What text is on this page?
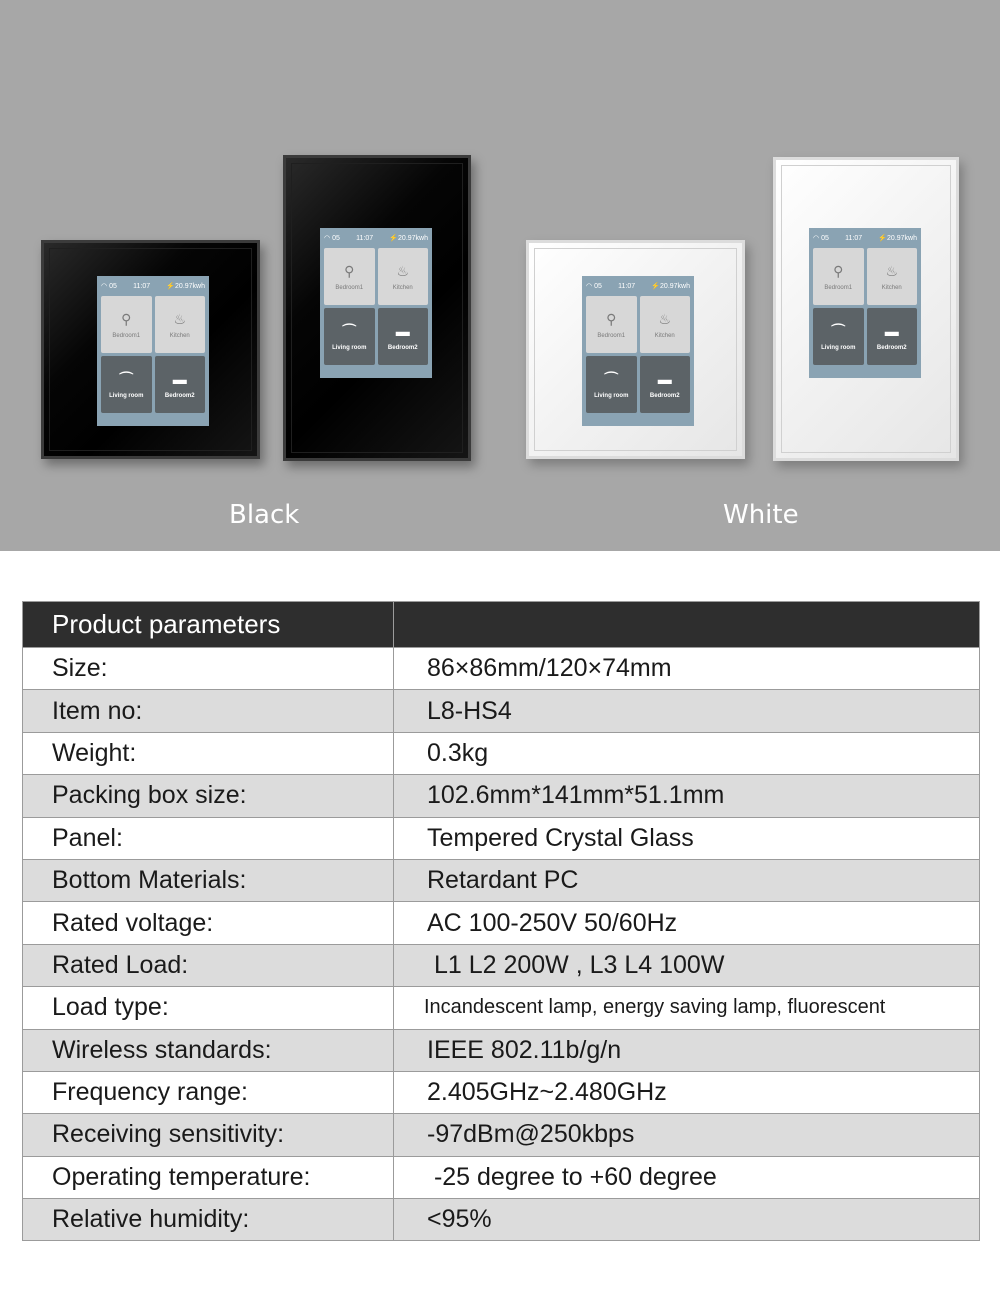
◠ 05 11:07 ⚡20.97kwh
⚲
Bedroom1
♨
Kitchen
⌒
Living room
▬
Bedroom2
◠ 05 11:07 ⚡20.97kwh
⚲
Bedroom1
♨
Kitchen
⌒
Living room
▬
Bedroom2
◠ 05 11:07 ⚡20.97kwh
⚲
Bedroom1
♨
Kitchen
⌒
Living room
▬
Bedroom2
◠ 05 11:07 ⚡20.97kwh
⚲
Bedroom1
♨
Kitchen
⌒
Living room
▬
Bedroom2
Black	White
Product parameters	
Size:	86×86mm/120×74mm
Item no:	L8-HS4
Weight:	0.3kg
Packing box size:	102.6mm*141mm*51.1mm
Panel:	Tempered Crystal Glass
Bottom Materials:	Retardant PC
Rated voltage:	AC 100-250V 50/60Hz
Rated Load:	L1 L2 200W , L3 L4 100W
Load type:	Incandescent lamp, energy saving lamp, fluorescent
Wireless standards:	IEEE 802.11b/g/n
Frequency range:	2.405GHz~2.480GHz
Receiving sensitivity:	-97dBm@250kbps
Operating temperature:	-25 degree to +60 degree
Relative humidity:	<95%
